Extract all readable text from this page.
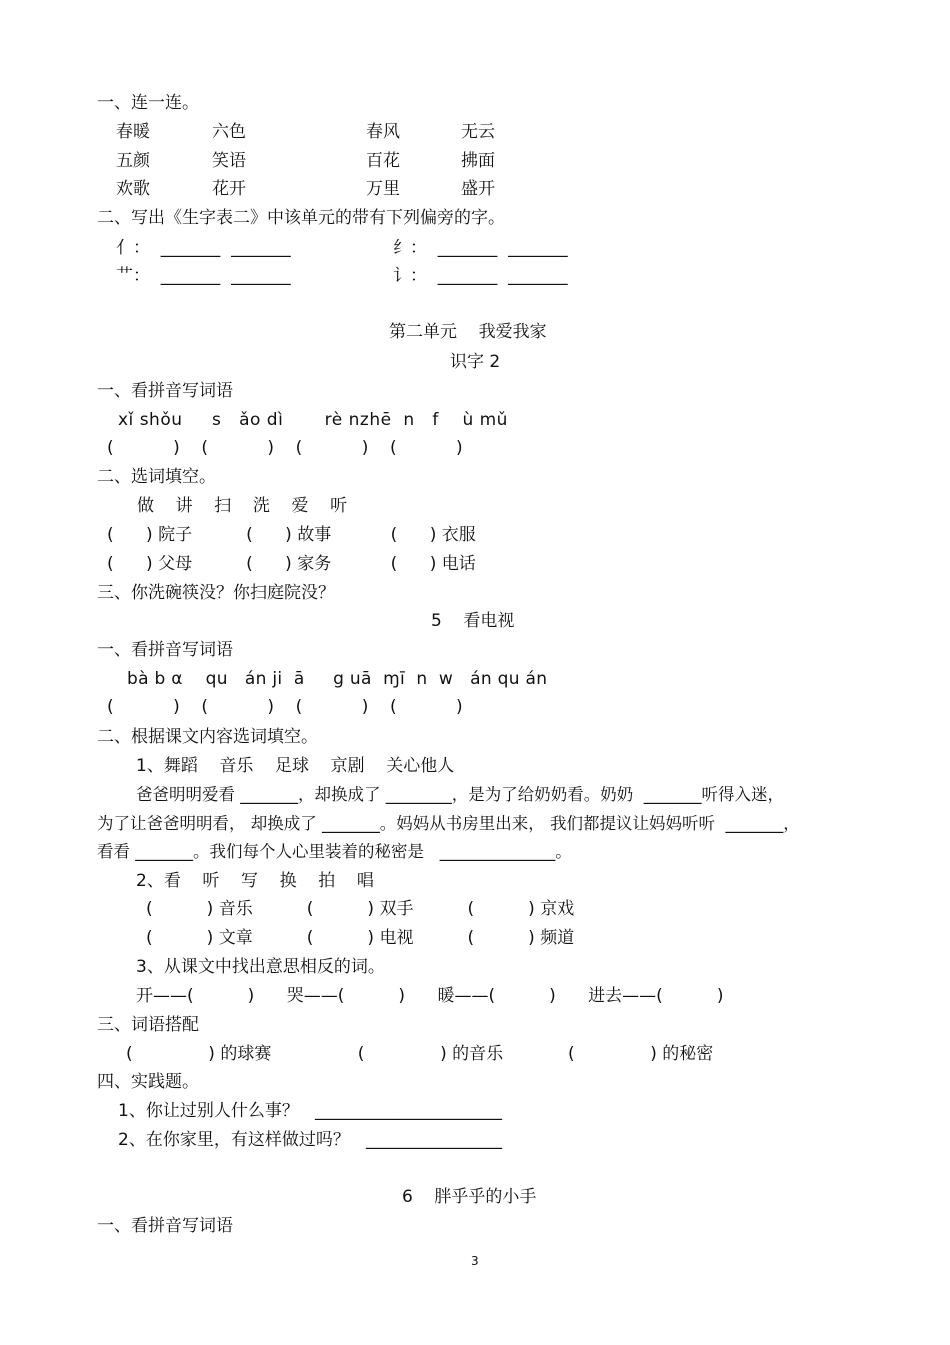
一、连一连。
春暖	六色	春风	无云
五颜	笑语	百花	拂面
欢歌	花开	万里	盛开
二、写出《生字表二》中该单元的带有下列偏旁的字。
亻：  _______  _______	纟：  _______  _______
艹：  _______  _______	讠：  _______  _______
第二单元    我爱我家
识字 2
一、看拼音写词语
xǐ shǒu     s   ǎo dì       rè nzhē  n   f    ù mǔ
(           )    (           )    (           )    (           )
二、选词填空。
做    讲    扫    洗    爱    听
(      ) 院子          (      ) 故事           (      ) 衣服
(      ) 父母          (      ) 家务           (      ) 电话
三、你洗碗筷没？你扫庭院没？
5    看电视
一、看拼音写词语
bà b α    qu   án ji  ā     g uā  ɱī  n  w   án qu án
(           )    (           )    (           )    (           )
二、根据课文内容选词填空。
1、舞蹈    音乐    足球    京剧    关心他人
爸爸明明爱看 _______，却换成了 ________，是为了给奶奶看。奶奶  _______听得入迷，
为了让爸爸明明看， 却换成了 _______。妈妈从书房里出来， 我们都提议让妈妈听听  _______，
看看 _______。我们每个人心里装着的秘密是   ______________。
2、看    听    写    换    拍    唱
(          ) 音乐          (          ) 双手          (          ) 京戏
(          ) 文章          (          ) 电视          (          ) 频道
3、从课文中找出意思相反的词。
开——(          )      哭——(          )      暖——(          )      进去——(          )
三、词语搭配
(              ) 的球赛                (              ) 的音乐            (              ) 的秘密
四、实践题。
1、你让过别人什么事？   ______________________
2、在你家里，有这样做过吗？   ________________
6    胖乎乎的小手
一、看拼音写词语
3
